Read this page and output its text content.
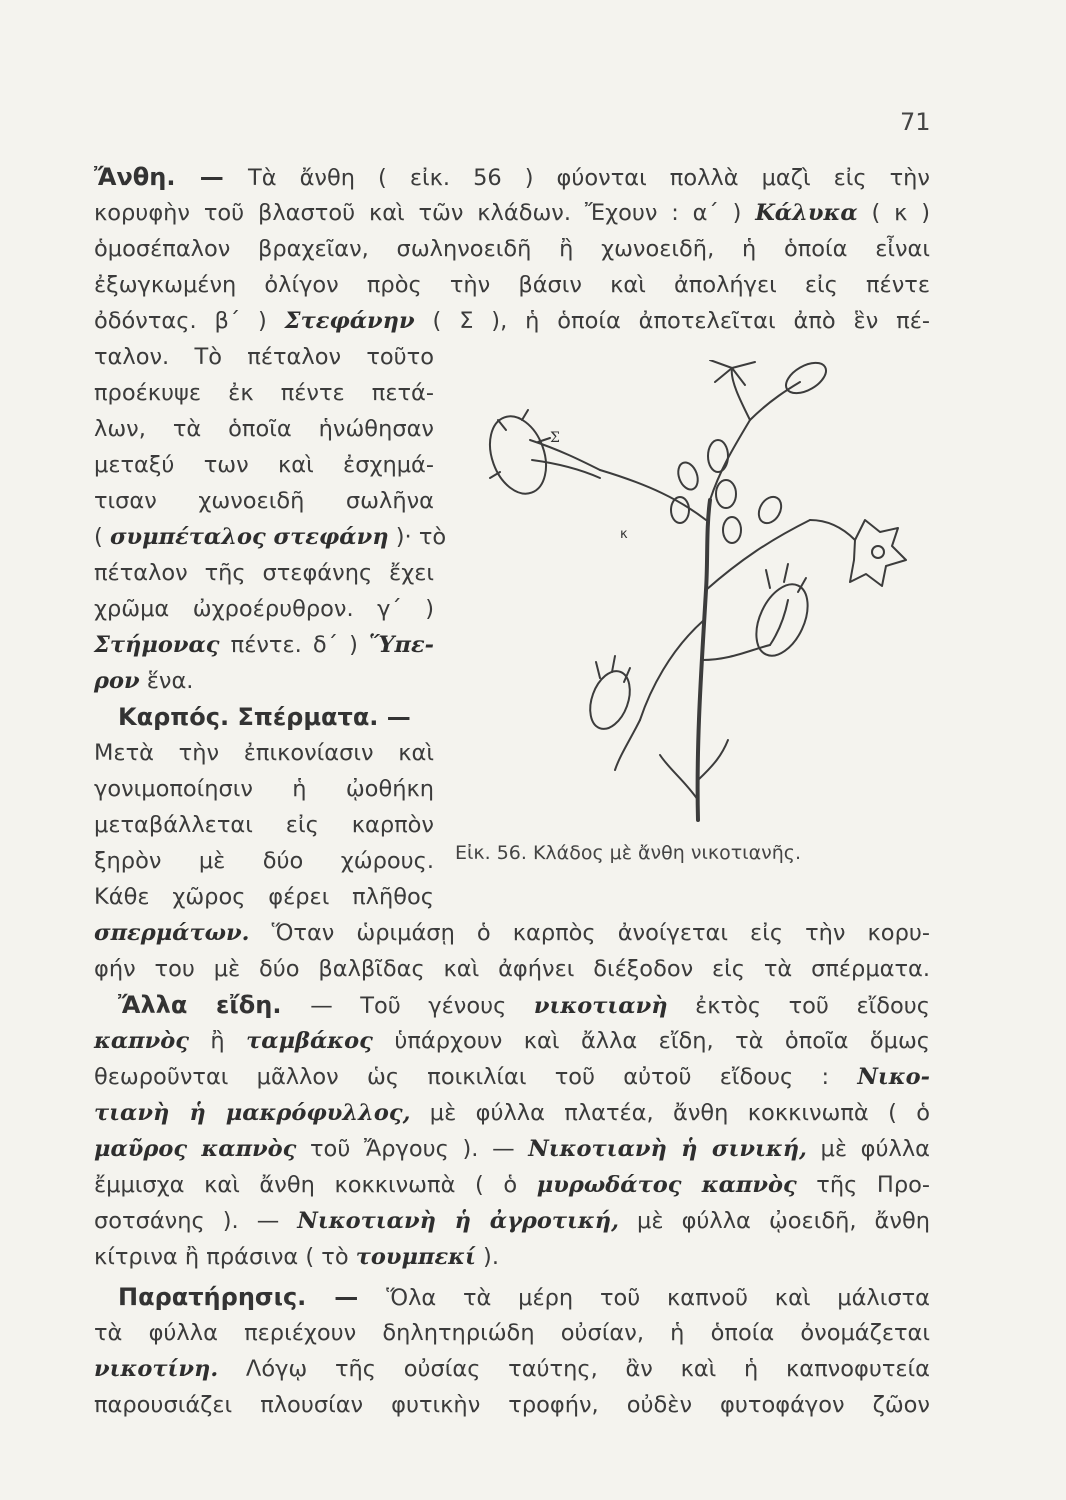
71
Ἄνθη. — Τὰ ἄνθη ( εἰκ. 56 ) φύονται πολλὰ μαζὶ εἰς τὴν
κορυφὴν τοῦ βλαστοῦ καὶ τῶν κλάδων. Ἔχουν : α΄ ) Κάλυκα ( κ )
ὁμοσέπαλον βραχεῖαν, σωληνοειδῆ ἢ χωνοειδῆ, ἡ ὁποία εἶναι
ἐξωγκωμένη ὀλίγον πρὸς τὴν βάσιν καὶ ἀπολήγει εἰς πέντε
ὀδόντας. β΄ ) Στεφάνην ( Σ ), ἡ ὁποία ἀποτελεῖται ἀπὸ ἓν πέ-
ταλον. Τὸ πέταλον τοῦτο
προέκυψε ἐκ πέντε πετά-
λων, τὰ ὁποῖα ἡνώθησαν
μεταξύ των καὶ ἐσχημά-
τισαν χωνοειδῆ σωλῆνα
( συμπέταλος στεφάνη )· τὸ
πέταλον τῆς στεφάνης ἔχει
χρῶμα ὠχροέρυθρον. γ΄ )
Στήμονας πέντε. δ΄ ) Ὕπε-
ρον ἕνα.
Καρπός. Σπέρματα. —
Μετὰ τὴν ἐπικονίασιν καὶ
γονιμοποίησιν ἡ ᾠοθήκη
μεταβάλλεται εἰς καρπὸν
ξηρὸν μὲ δύο χώρους.
Κάθε χῶρος φέρει πλῆθος
σπερμάτων. Ὅταν ὡριμάσῃ ὁ καρπὸς ἀνοίγεται εἰς τὴν κορυ-
φήν του μὲ δύο βαλβῖδας καὶ ἀφήνει διέξοδον εἰς τὰ σπέρματα.
Ἄλλα εἴδη. — Τοῦ γένους νικοτιανὴ ἐκτὸς τοῦ εἴδους
καπνὸς ἢ ταμβάκος ὑπάρχουν καὶ ἄλλα εἴδη, τὰ ὁποῖα ὅμως
θεωροῦνται μᾶλλον ὡς ποικιλίαι τοῦ αὐτοῦ εἴδους : Νικο-
τιανὴ ἡ μακρόφυλλος, μὲ φύλλα πλατέα, ἄνθη κοκκινωπὰ ( ὁ
μαῦρος καπνὸς τοῦ Ἄργους ). — Νικοτιανὴ ἡ σινική, μὲ φύλλα
ἔμμισχα καὶ ἄνθη κοκκινωπὰ ( ὁ μυρωδάτος καπνὸς τῆς Προ-
σοτσάνης ). — Νικοτιανὴ ἡ ἀγροτική, μὲ φύλλα ᾠοειδῆ, ἄνθη
κίτρινα ἢ πράσινα ( τὸ τουμπεκί ).
Παρατήρησις. — Ὅλα τὰ μέρη τοῦ καπνοῦ καὶ μάλιστα
τὰ φύλλα περιέχουν δηλητηριώδη οὐσίαν, ἡ ὁποία ὀνομάζεται
νικοτίνη. Λόγῳ τῆς οὐσίας ταύτης, ἂν καὶ ἡ καπνοφυτεία
παρουσιάζει πλουσίαν φυτικὴν τροφήν, οὐδὲν φυτοφάγον ζῶον
Σ
κ
Εἰκ. 56. Κλάδος μὲ ἄνθη νικοτιανῆς.
